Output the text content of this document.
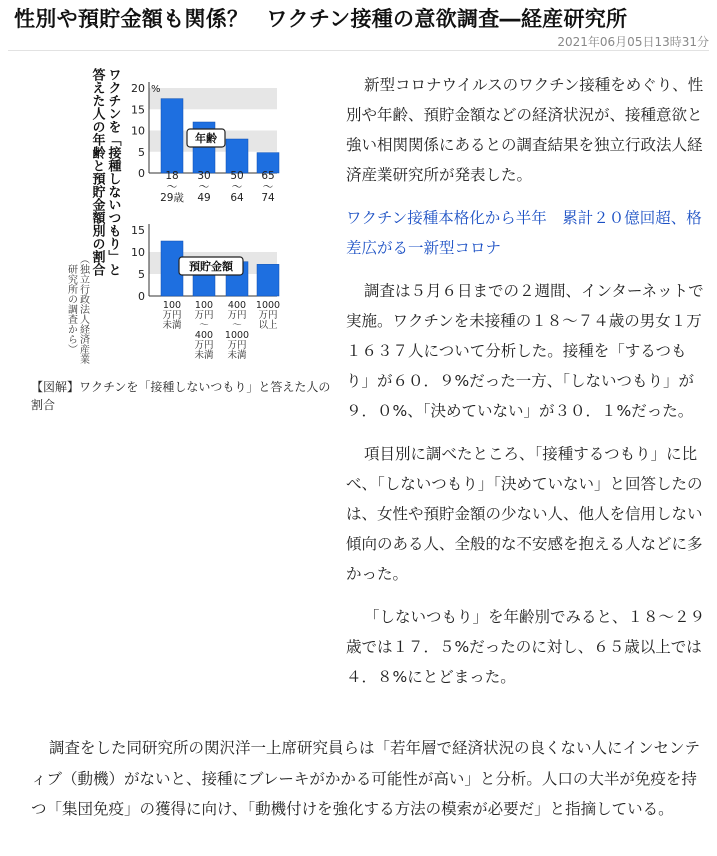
性別や預貯金額も関係？ ワクチン接種の意欲調査―経産研究所
2021年06月05日13時31分
ワクチンを「接種しないつもり」と
答えた人の年齢と預貯金額別の割合
（独立行政法人経済産業
研究所の調査から）
0
5
10
15
20 %
年齢
0
5
10
15
預貯金額
18 〜 29歳
30 〜 49
50 〜 64
65 〜 74
100 万円未満
100 万円〜 400 万円未満
400 万円〜 1000 万円未満
1000 万円以上
【図解】ワクチンを「接種しないつもり」と答えた人の割合

新型コロナウイルスのワクチン接種をめぐり、性別や年齢、預貯金額などの経済状況が、接種意欲と強い相関関係にあるとの調査結果を独立行政法人経済産業研究所が発表した。

ワクチン接種本格化から半年　累計２０億回超、格差広がる一新型コロナ

調査は５月６日までの２週間、インターネットで実施。ワクチンを未接種の１８～７４歳の男女１万１６３７人について分析した。接種を「するつもり」が６０．９%だった一方、「しないつもり」が９．０%、「決めていない」が３０．１%だった。

項目別に調べたところ、「接種するつもり」に比べ、「しないつもり」「決めていない」と回答したのは、女性や預貯金額の少ない人、他人を信用しない傾向のある人、全般的な不安感を抱える人などに多かった。

「しないつもり」を年齢別でみると、１８～２９歳では１７．５%だったのに対し、６５歳以上では４．８%にとどまった。

調査をした同研究所の関沢洋一上席研究員らは「若年層で経済状況の良くない人にインセンティブ（動機）がないと、接種にブレーキがかかる可能性が高い」と分析。人口の大半が免疫を持つ「集団免疫」の獲得に向け、「動機付けを強化する方法の模索が必要だ」と指摘している。
